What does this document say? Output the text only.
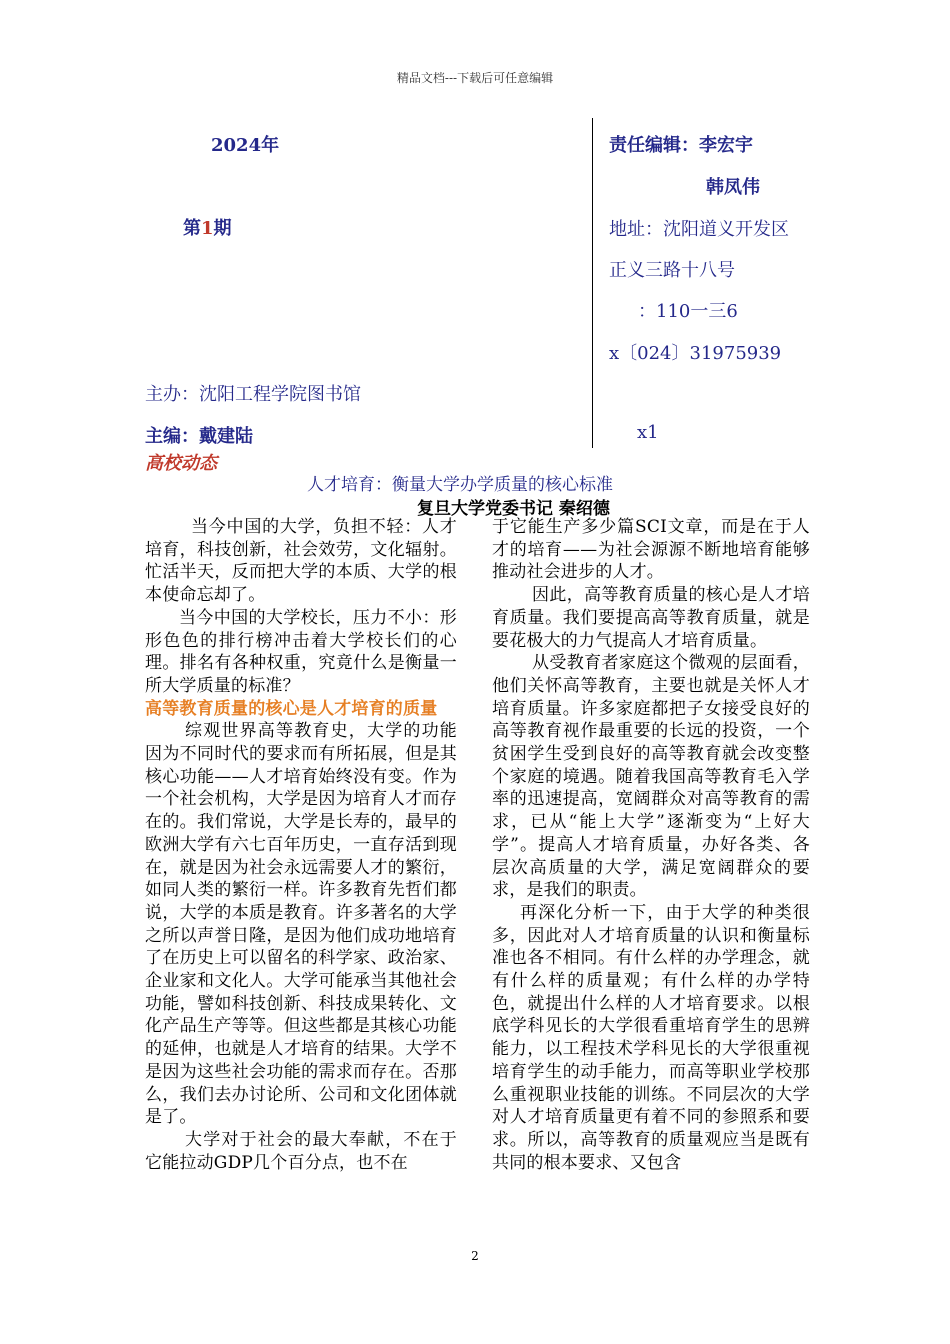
精品文档---下载后可任意编辑
2024年
第1期
主办：沈阳工程学院图书馆
主编：戴建陆
责任编辑：李宏宇
韩凤伟
地址：沈阳道义开发区
正义三路十八号
：110一三6
x〔024〕31975939
x1
高校动态
人才培育：衡量大学办学质量的核心标准
复旦大学党委书记 秦绍德

当今中国的大学，负担不轻：人才培育，科技创新，社会效劳，文化辐射。忙活半天，反而把大学的本质、大学的根本使命忘却了。

当今中国的大学校长，压力不小：形形色色的排行榜冲击着大学校长们的心理。排名有各种权重，究竟什么是衡量一所大学质量的标准？

高等教育质量的核心是人才培育的质量

综观世界高等教育史，大学的功能因为不同时代的要求而有所拓展，但是其核心功能——人才培育始终没有变。作为一个社会机构，大学是因为培育人才而存在的。我们常说，大学是长寿的，最早的欧洲大学有六七百年历史，一直存活到现在，就是因为社会永远需要人才的繁衍，如同人类的繁衍一样。许多教育先哲们都说，大学的本质是教育。许多著名的大学之所以声誉日隆，是因为他们成功地培育了在历史上可以留名的科学家、政治家、企业家和文化人。大学可能承当其他社会功能，譬如科技创新、科技成果转化、文化产品生产等等。但这些都是其核心功能的延伸，也就是人才培育的结果。大学不是因为这些社会功能的需求而存在。否那么，我们去办讨论所、公司和文化团体就是了。

大学对于社会的最大奉献，不在于它能拉动GDP几个百分点，也不在

于它能生产多少篇SCI文章，而是在于人才的培育——为社会源源不断地培育能够推动社会进步的人才。

因此，高等教育质量的核心是人才培育质量。我们要提高高等教育质量，就是要花极大的力气提高人才培育质量。

从受教育者家庭这个微观的层面看，他们关怀高等教育，主要也就是关怀人才培育质量。许多家庭都把子女接受良好的高等教育视作最重要的长远的投资，一个贫困学生受到良好的高等教育就会改变整个家庭的境遇。随着我国高等教育毛入学率的迅速提高，宽阔群众对高等教育的需求，已从“能上大学”逐渐变为“上好大学”。提高人才培育质量，办好各类、各层次高质量的大学，满足宽阔群众的要求，是我们的职责。

再深化分析一下，由于大学的种类很多，因此对人才培育质量的认识和衡量标准也各不相同。有什么样的办学理念，就有什么样的质量观；有什么样的办学特色，就提出什么样的人才培育要求。以根底学科见长的大学很看重培育学生的思辨能力，以工程技术学科见长的大学很重视培育学生的动手能力，而高等职业学校那么重视职业技能的训练。不同层次的大学对人才培育质量更有着不同的参照系和要求。所以，高等教育的质量观应当是既有共同的根本要求、又包含

2
